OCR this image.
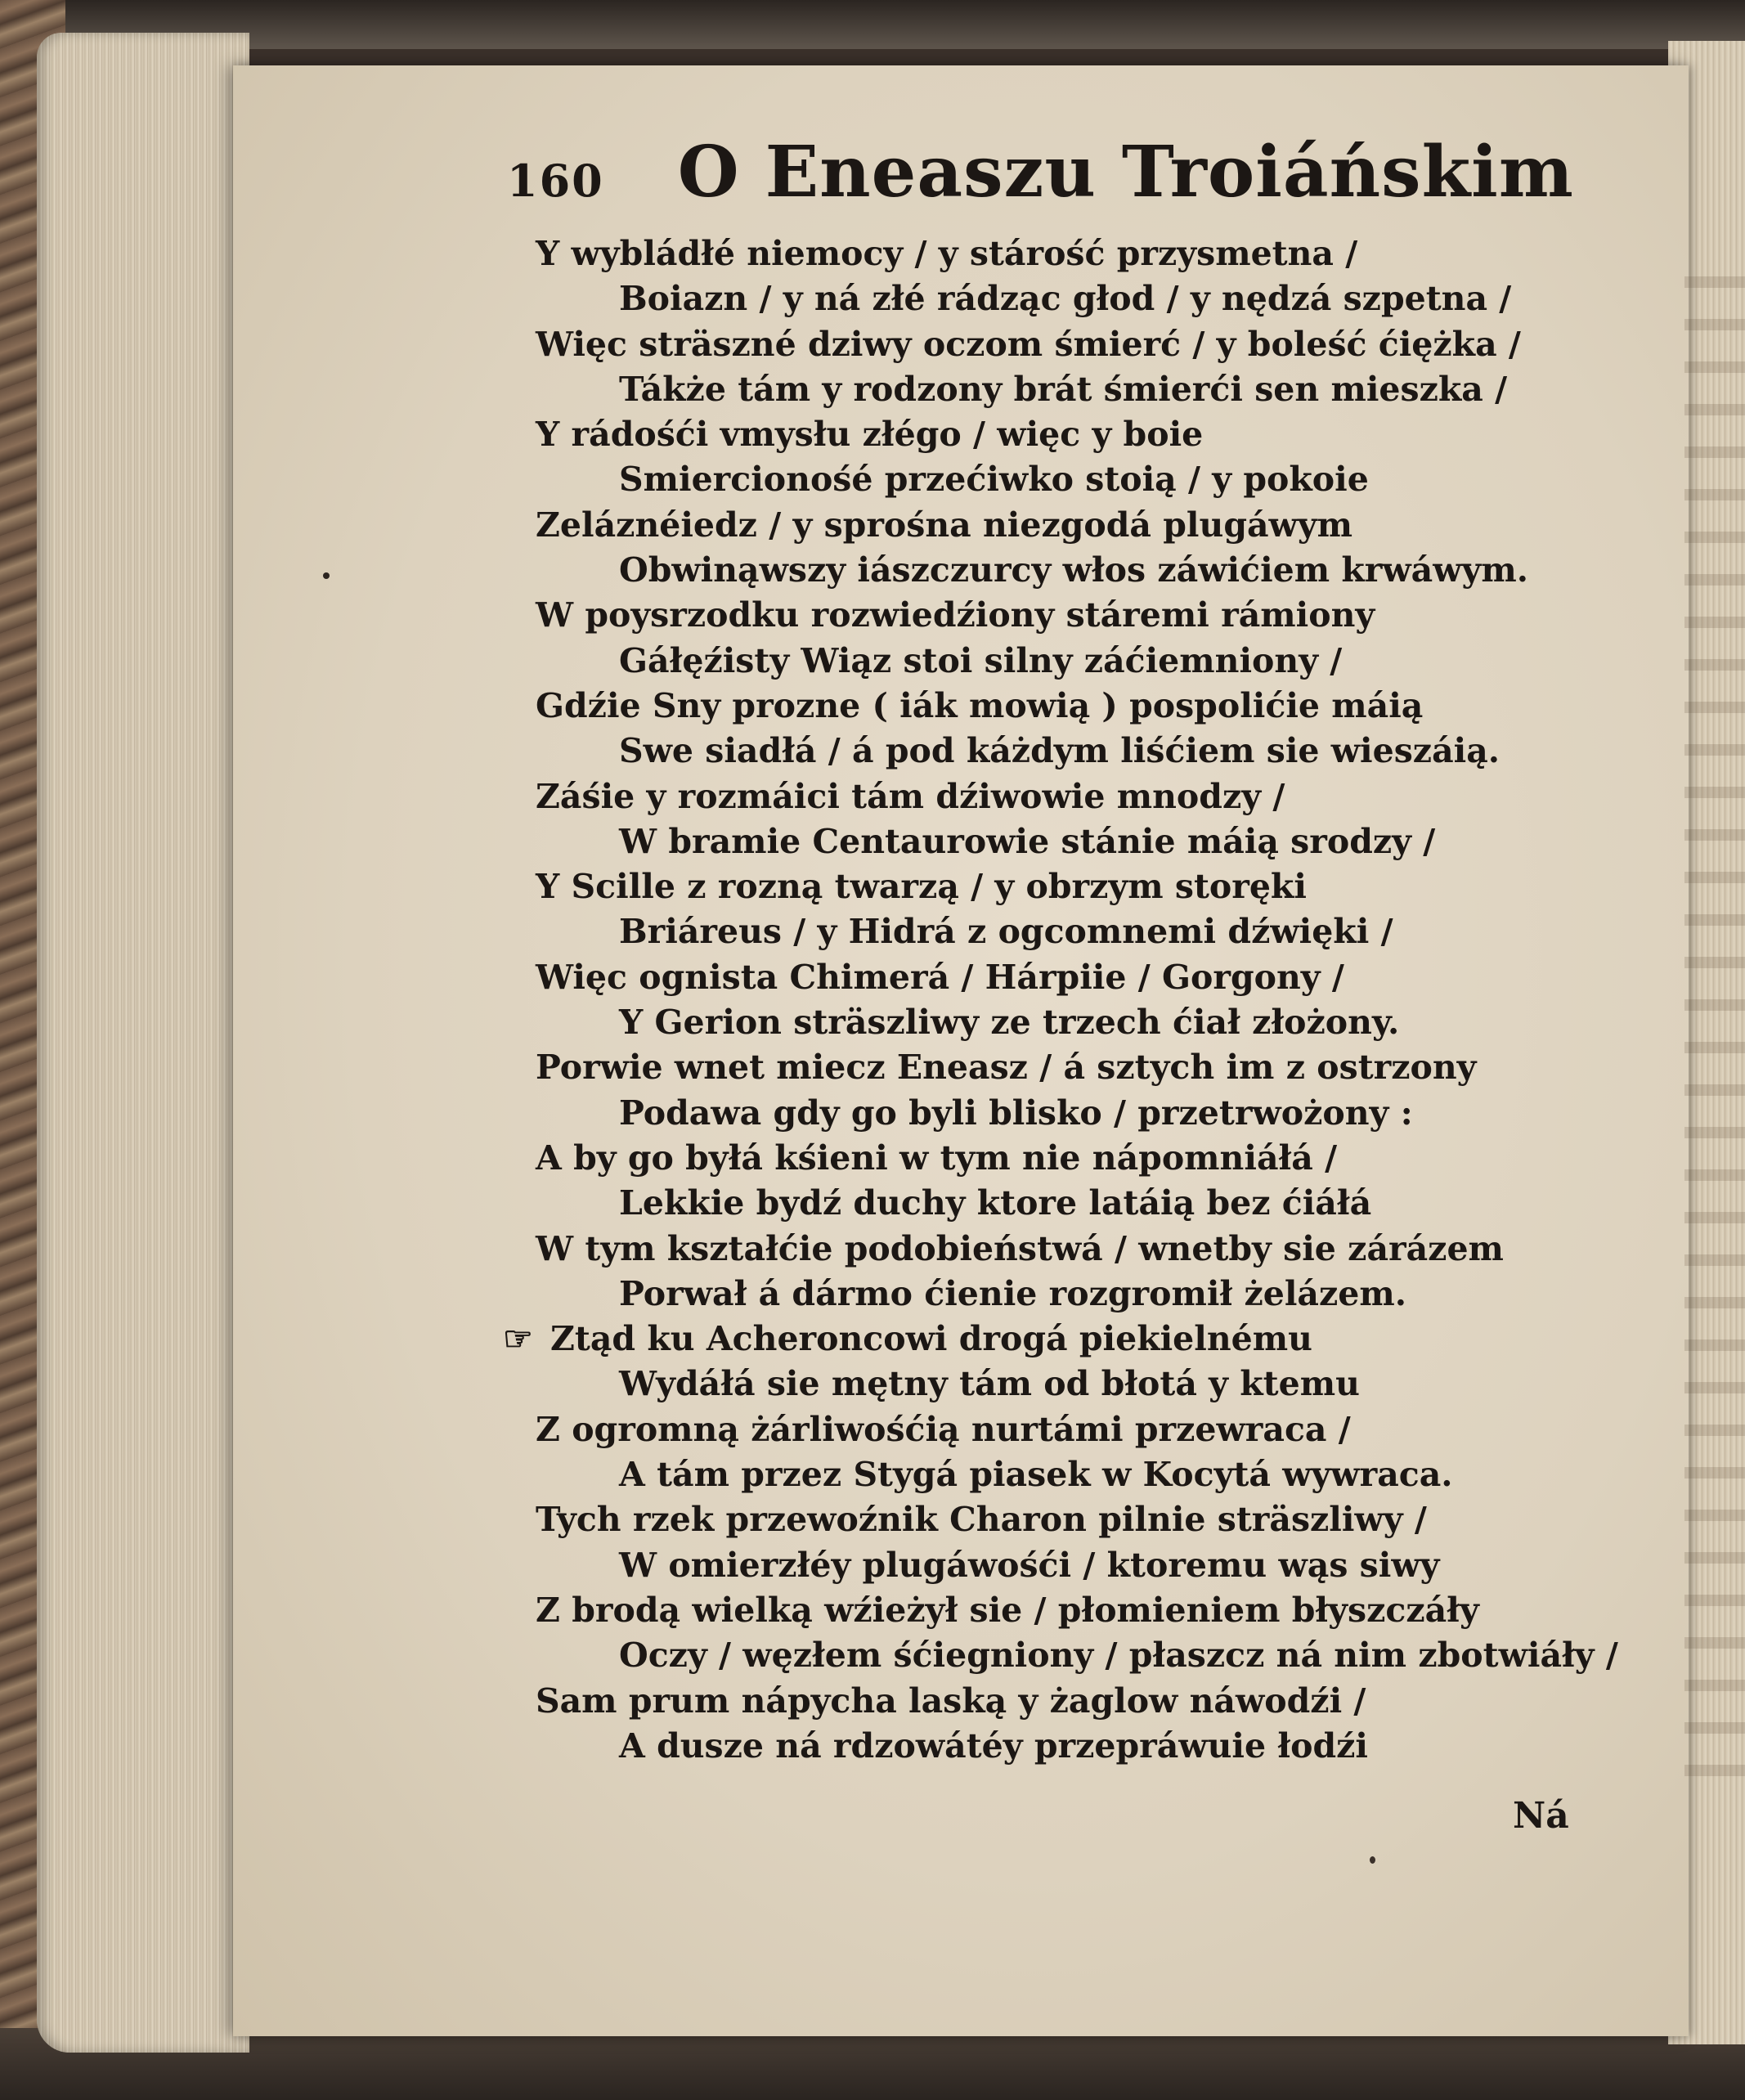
160 O Eneaszu Troiáńskim
Y wybládłé niemocy / y stárość przysmetna /
Boiazn / y ná złé rádząc głod / y nędzá szpetna /
Więc sträszné dziwy oczom śmierć / y boleść ćiężka /
Tákże tám y rodzony brát śmierći sen mieszka /
Y rádośći vmysłu złégo / więc y boie
Smiercionośé przećiwko stoią / y pokoie
Zeláznéiedz / y sprośna niezgodá plugáwym
Obwinąwszy iászczurcy włos záwićiem krwáwym.
W poysrzodku rozwiedźiony stáremi rámiony
Gáłęźisty Wiąz stoi silny záćiemniony /
Gdźie Sny prozne ( iák mowią ) pospolićie máią
Swe siadłá / á pod káżdym liśćiem sie wieszáią.
Záśie y rozmáici tám dźiwowie mnodzy /
W bramie Centaurowie stánie máią srodzy /
Y Scille z rozną twarzą / y obrzym storęki
Briáreus / y Hidrá z ogcomnemi dźwięki /
Więc ognista Chimerá / Hárpiie / Gorgony /
Y Gerion sträszliwy ze trzech ćiał złożony.
Porwie wnet miecz Eneasz / á sztych im z ostrzony
Podawa gdy go byli blisko / przetrwożony :
A by go byłá kśieni w tym nie nápomniáłá /
Lekkie bydź duchy ktore latáią bez ćiáłá
W tym kształćie podobieństwá / wnetby sie zárázem
Porwał á dármo ćienie rozgromił żelázem.
☞ Ztąd ku Acheroncowi drogá piekielnému
Wydáłá sie mętny tám od błotá y ktemu
Z ogromną żárliwośćią nurtámi przewraca /
A tám przez Stygá piasek w Kocytá wywraca.
Tych rzek przewoźnik Charon pilnie sträszliwy /
W omierzłéy plugáwośći / ktoremu wąs siwy
Z brodą wielką wźieżył sie / płomieniem błyszczáły
Oczy / węzłem śćiegniony / płaszcz ná nim zbotwiáły /
Sam prum nápycha laską y żaglow náwodźi /
A dusze ná rdzowátéy przepráwuie łodźi
Ná
